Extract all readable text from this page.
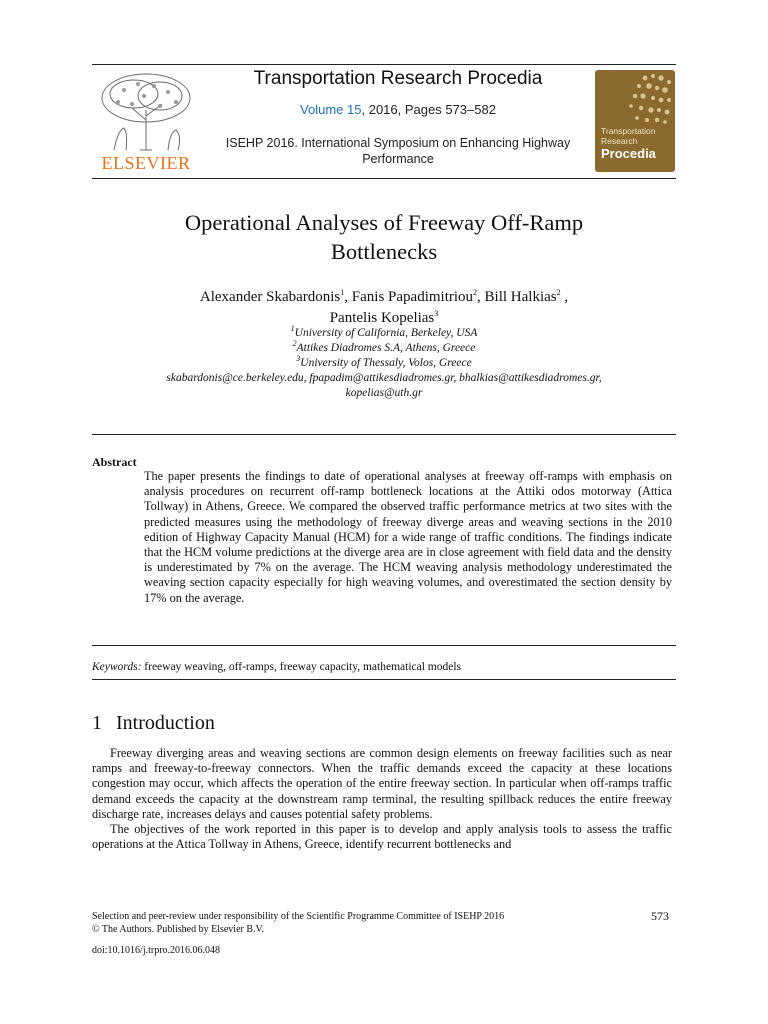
ELSEVIER
Transportation Research Procedia
Volume 15, 2016, Pages 573–582
ISEHP 2016. International Symposium on Enhancing Highway
Performance
Transportation
Research
Procedia
Operational Analyses of Freeway Off-Ramp
Bottlenecks
Alexander Skabardonis$^1$, Fanis Papadimitriou$^2$, Bill Halkias$^2$ ,
Pantelis Kopelias$^3$
$^1$University of California, Berkeley, USA
$^2$Attikes Diadromes S.A, Athens, Greece
$^3$University of Thessaly, Volos, Greece
skabardonis@ce.berkeley.edu, fpapadim@attikesdiadromes.gr, bhalkias@attikesdiadromes.gr,
kopelias@uth.gr
Abstract
The paper presents the findings to date of operational analyses at freeway off-ramps with emphasis on analysis procedures on recurrent off-ramp bottleneck locations at the Attiki odos motorway (Attica Tollway) in Athens, Greece. We compared the observed traffic performance metrics at two sites with the predicted measures using the methodology of freeway diverge areas and weaving sections in the 2010 edition of Highway Capacity Manual (HCM) for a wide range of traffic conditions. The findings indicate that the HCM volume predictions at the diverge area are in close agreement with field data and the density is underestimated by 7% on the average. The HCM weaving analysis methodology underestimated the weaving section capacity especially for high weaving volumes, and overestimated the section density by 17% on the average.
Keywords: freeway weaving, off-ramps, freeway capacity, mathematical models
1 Introduction

Freeway diverging areas and weaving sections are common design elements on freeway facilities such as near ramps and freeway-to-freeway connectors. When the traffic demands exceed the capacity at these locations congestion may occur, which affects the operation of the entire freeway section. In particular when off-ramps traffic demand exceeds the capacity at the downstream ramp terminal, the resulting spillback reduces the entire freeway discharge rate, increases delays and causes potential safety problems.

The objectives of the work reported in this paper is to develop and apply analysis tools to assess the traffic operations at the Attica Tollway in Athens, Greece, identify recurrent bottlenecks and

Selection and peer-review under responsibility of the Scientific Programme Committee of ISEHP 2016
© The Authors. Published by Elsevier B.V.
573
doi:10.1016/j.trpro.2016.06.048
